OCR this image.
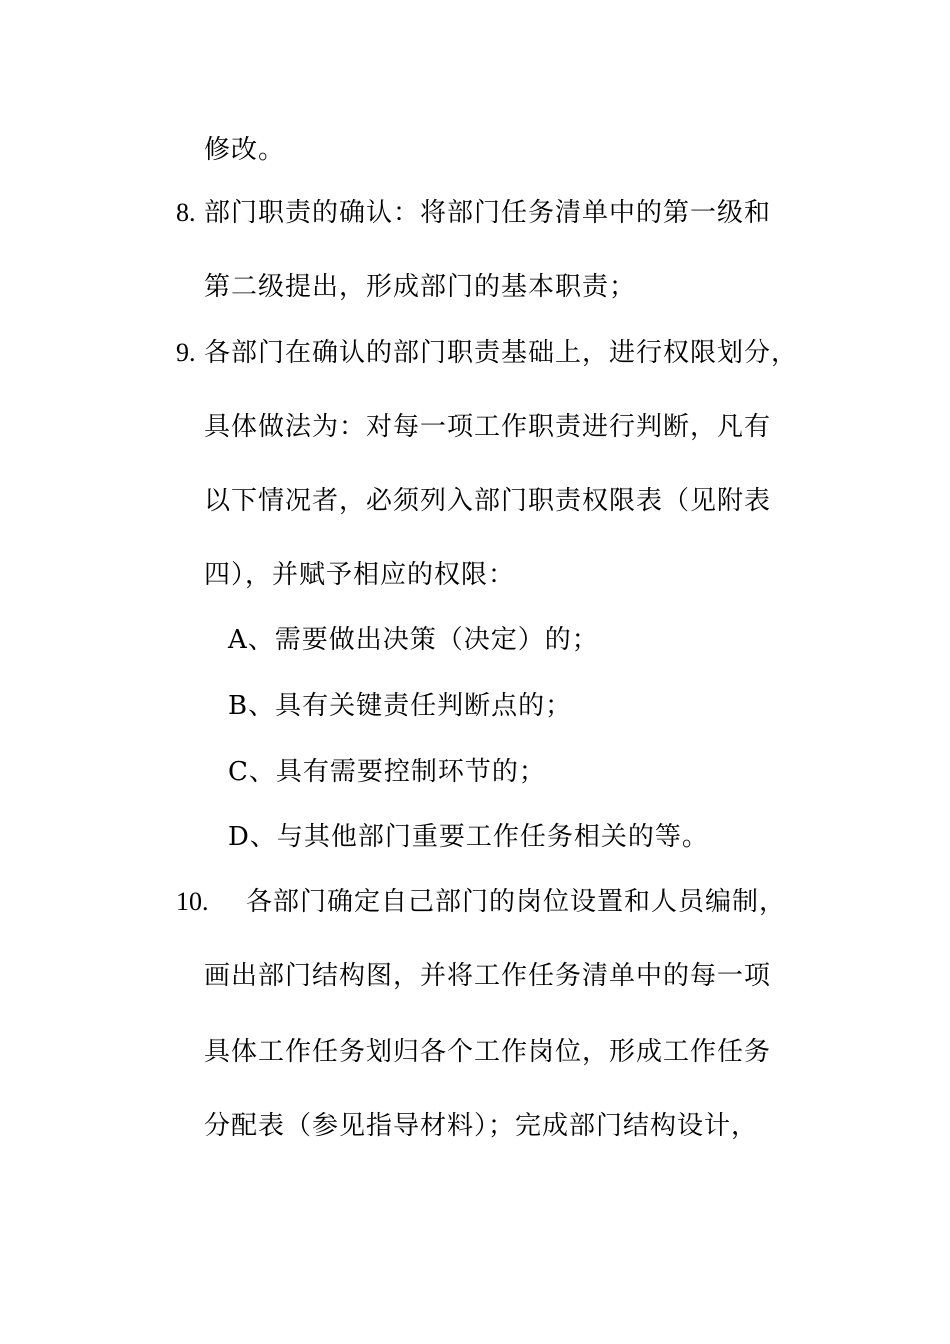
修改。
8. 部门职责的确认：将部门任务清单中的第一级和
第二级提出，形成部门的基本职责；
9. 各部门在确认的部门职责基础上，进行权限划分，
具体做法为：对每一项工作职责进行判断，凡有
以下情况者，必须列入部门职责权限表（见附表
四），并赋予相应的权限：
A、需要做出决策（决定）的；
B、具有关键责任判断点的；
C、具有需要控制环节的；
D、与其他部门重要工作任务相关的等。
10. 各部门确定自己部门的岗位设置和人员编制，
画出部门结构图，并将工作任务清单中的每一项
具体工作任务划归各个工作岗位，形成工作任务
分配表（参见指导材料）；完成部门结构设计，
